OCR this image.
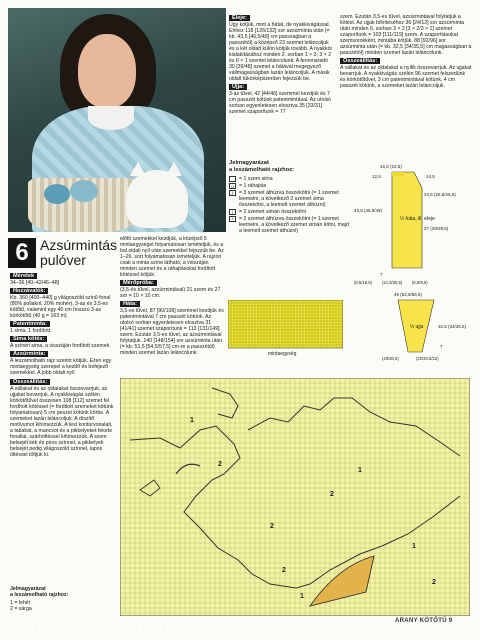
6 Azsúrmintás
pulóver
Méretek

34–36 [40–42/46–48]

Hozzávalók:

Kb. 360 [400–440] g világoszöld színű fonal (80% poliakril, 20% mohér), 3-as és 3,5-es kötőtű, valamint egy 40 cm hosszú 3-as körkötőtű (40 g = 163 m).

Patentminta:

1 sima, 1 fordított.

Sima kötés:

A színén sima, a visszáján fordított szemek.

Azsúrminta:

A leszámolható rajz szerint kötjük. Ezen egy mintaegység szerepel a kezdő és befejező szemekkel. A jobb oldali nyíl

előtti szemekkel kezdjük, a középső 5 mintaegységet folyamatosan ismételjük, és a bal oldali nyíl után szemekkel fejezzük be. Az 1–26. sort folyamatosan ismételjük. A rajzon csak a minta színe látható, a visszáján minden szemet és a ráhajtásokat fordított kötéssel kötjük.

Mérőpróba:

(3,5-ös tűvel, azsúrmintával) 21 szem és 27 sor = 10 × 10 cm.

Háta:

3,5-es tűvel, 87 [90/108] szemmel kezdjük és patentmintával 7 cm passzét kötünk. Az utolsó sorban egyenletesen elosztva 31 [41/41] szemet szaporítunk = 113 [131/149] szem. Ezután 3,5-es tűvel, az azsúrmintával folytatjuk. 140 [148/154] sor azsúrminta után (= kb. 51,5 [54,5/57,5] cm-re a passzétól) minden szemet lazán leláncolunk.

Eleje:

Úgy kötjük, mint a hátat, de nyakkivágással. Ehhez 118 [126/132] sor azsúrminta után (= kb. 43,5 [46,5/49] cm passzagban a passzétól) a középső 23 szemet leláncoljuk és a két oldalt külön kötjük tovább. A nyakkör kialakításához minden 2. sorban 1 × 3, 3 × 2 és 6 × 1 szemet leláncolunk. A fennmaradó 30 [39/48] szemet a hátával megegyező vállmagasságban lazán leláncoljuk. A másik oldalt tükörképszerűen fejezzük be.

Ujja:

3-as tűvel, 42 [44/46] szemmel kezdjük és 7 cm passzét kötünk patentmintával. Az utolsó sorban egyenletesen elosztva 35 [33/31] szemet szaporítunk = 77

szem. Ezután 3,5-es tűvel, azsúrmintával folytatjuk a kötést. Az ujjak bővítéséhez 36 [24/12] sor azsúrminta után minden 6. sorban 3 × 2 [3 × 2/3 × 1] szemet szaporítunk = 103 [111/119] szem. A szaporításokat szemsorokként, mintába kötjük. 88 [92/96] sor azsúrminta után (= kb. 32,5 [34/35,5] cm magasságban a passzétól) minden szemet lazán leláncolunk.

Összeállítás:

A vállakat és az oldalakat a nyílik összevarrjuk. Az ujjakat bevarrjuk. A nyakkivágás szélén 96 szemet felszedünk és körkötőtűvel, 3 cm patentmintával kötünk. 4 cm passzét kötünk, a szemeket lazán leláncoljuk.

Jelmagyarázat
a leszámolható rajzhoz:
= 1 szem sima
o	= 1 ráhajtás
/	= 3 szemet áthúzva összekötni (= 1 szemet leemelni, a következő 2 szemet sima összekötni, a leemelt szemet áthúzni)
\	= 2 szemet simán összekötni
^	= 2 szemet áthúzva összekötni (= 1 szemet leemelni, a következő szemet simán kötni, majd a leemelt szemet áthúzni)
mintaegység
½ háta, ill. eleje
16,5 (22,5)
12,5	14,5
24,5 (25,5/26,5)
43,5 (45,5/49)
27 (29/28,5)
7
(8,5/18,5) (21,5/25,5) (6,5/9,5)
½ ujja
49 (52,5/56,5)
32,5 (34/35,5)
7
(20/20,5)	(20/20,5/22)
Összeállítás:

A vállakat és az oldalakat összevarrjuk, az ujjakat bevarrjuk. A nyakkivágás szélén körkötőtűvel összesen 108 [112] szemet fel fordított kötéssel (= forditott szemeket kötünk folyamatosan) 5 cm peszet kötünk körbe. A szemeket lazán leláncoljuk. A díszítő motívumot kihímezzük. A test kontúrvonalait, a tabakat, a mancsot és a pikkelyeket fekete fonallal, szárhöltéssel kihímezzük. A szem belsejét kék és piros színnel, a pikkelyek belsejét pedig világoszöld színnel, lapos öltéssel töltjük ki.

Jelmagyarázat
a leszámolható rajzhoz:
1 = lehér
2 = sárga
1
2
1
2
2
2
1
1
2
ARANY KÖTŐTŰ 9
Antikvarium.hu
